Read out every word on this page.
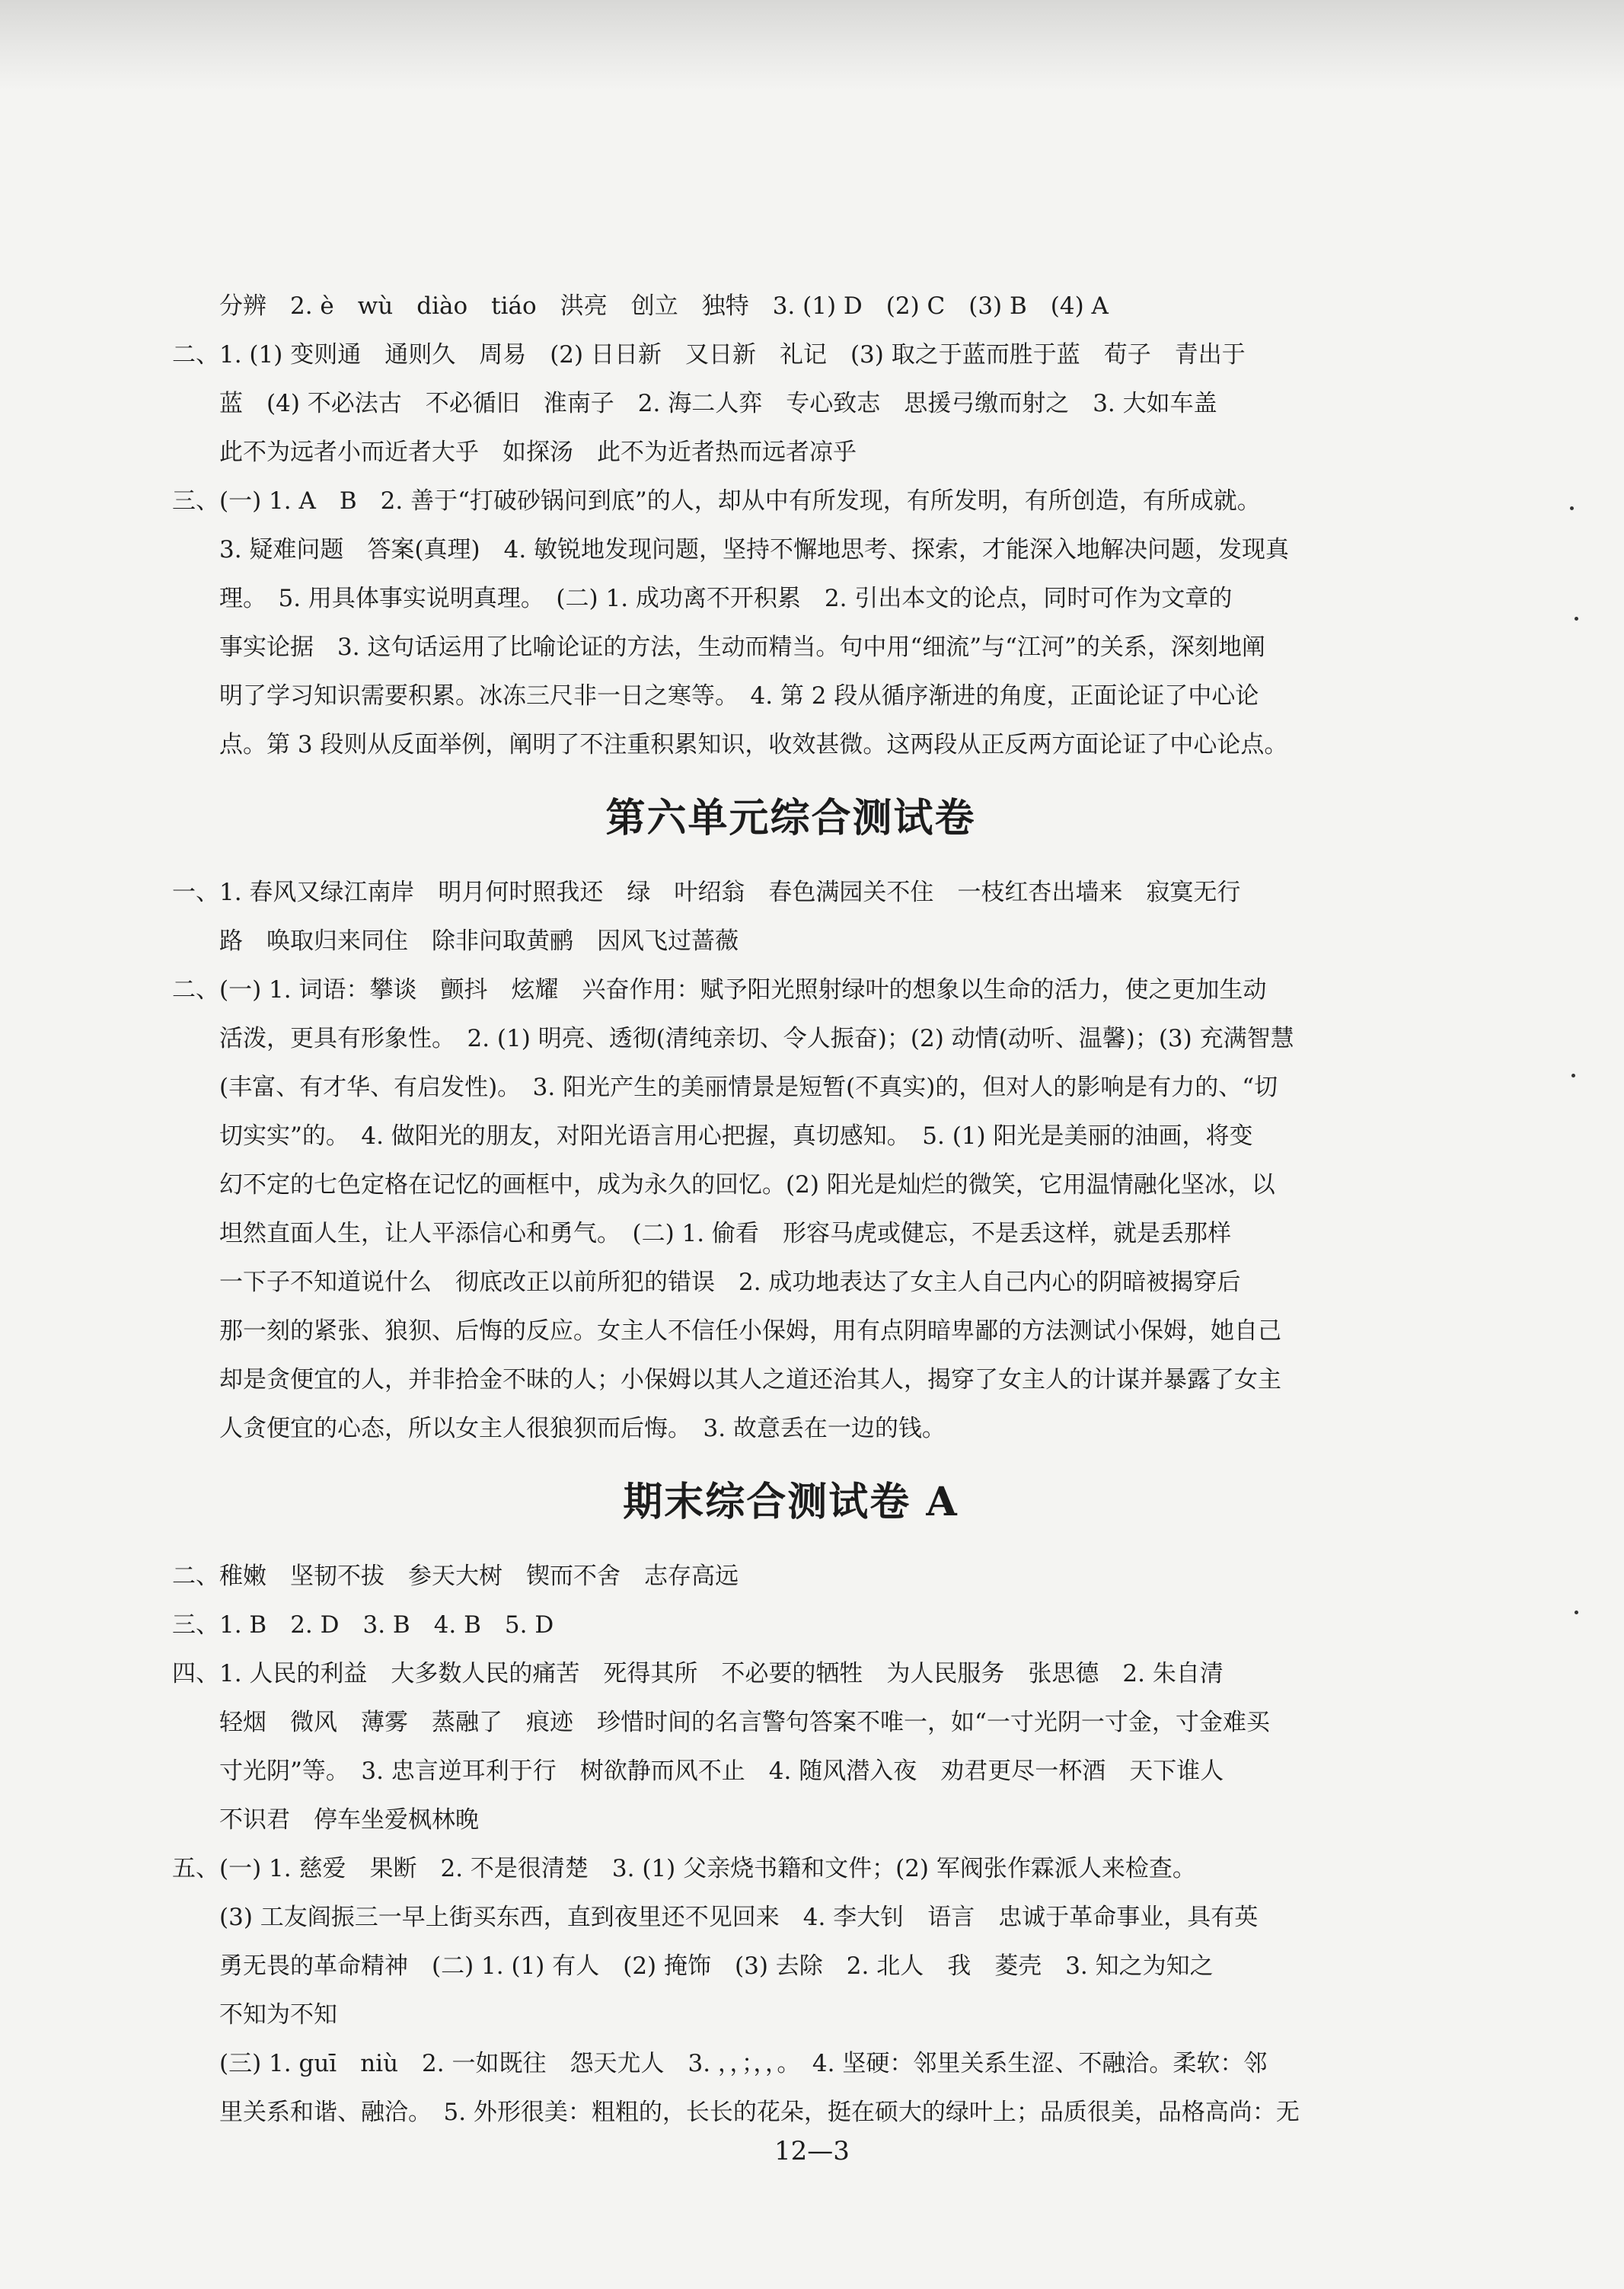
分辨　2. è　wù　diào　tiáo　洪亮　创立　独特　3. (1) D　(2) C　(3) B　(4) A
二、1. (1) 变则通　通则久　周易　(2) 日日新　又日新　礼记　(3) 取之于蓝而胜于蓝　荀子　青出于
蓝　(4) 不必法古　不必循旧　淮南子　2. 海二人弈　专心致志　思援弓缴而射之　3. 大如车盖
此不为远者小而近者大乎　如探汤　此不为近者热而远者凉乎
三、(一) 1. A　B　2. 善于“打破砂锅问到底”的人，却从中有所发现，有所发明，有所创造，有所成就。
3. 疑难问题　答案(真理)　4. 敏锐地发现问题，坚持不懈地思考、探索，才能深入地解决问题，发现真
理。　5. 用具体事实说明真理。　(二) 1. 成功离不开积累　2. 引出本文的论点，同时可作为文章的
事实论据　3. 这句话运用了比喻论证的方法，生动而精当。句中用“细流”与“江河”的关系，深刻地阐
明了学习知识需要积累。冰冻三尺非一日之寒等。　4. 第 2 段从循序渐进的角度，正面论证了中心论
点。第 3 段则从反面举例，阐明了不注重积累知识，收效甚微。这两段从正反两方面论证了中心论点。
第六单元综合测试卷
一、1. 春风又绿江南岸　明月何时照我还　绿　叶绍翁　春色满园关不住　一枝红杏出墙来　寂寞无行
路　唤取归来同住　除非问取黄鹂　因风飞过蔷薇
二、(一) 1. 词语：攀谈　颤抖　炫耀　兴奋作用：赋予阳光照射绿叶的想象以生命的活力，使之更加生动
活泼，更具有形象性。　2. (1) 明亮、透彻(清纯亲切、令人振奋)；(2) 动情(动听、温馨)；(3) 充满智慧
(丰富、有才华、有启发性)。　3. 阳光产生的美丽情景是短暂(不真实)的，但对人的影响是有力的、“切
切实实”的。　4. 做阳光的朋友，对阳光语言用心把握，真切感知。　5. (1) 阳光是美丽的油画，将变
幻不定的七色定格在记忆的画框中，成为永久的回忆。(2) 阳光是灿烂的微笑，它用温情融化坚冰，以
坦然直面人生，让人平添信心和勇气。　(二) 1. 偷看　形容马虎或健忘，不是丢这样，就是丢那样
一下子不知道说什么　彻底改正以前所犯的错误　2. 成功地表达了女主人自己内心的阴暗被揭穿后
那一刻的紧张、狼狈、后悔的反应。女主人不信任小保姆，用有点阴暗卑鄙的方法测试小保姆，她自己
却是贪便宜的人，并非拾金不昧的人；小保姆以其人之道还治其人，揭穿了女主人的计谋并暴露了女主
人贪便宜的心态，所以女主人很狼狈而后悔。　3. 故意丢在一边的钱。
期末综合测试卷 A
二、稚嫩　坚韧不拔　参天大树　锲而不舍　志存高远
三、1. B　2. D　3. B　4. B　5. D
四、1. 人民的利益　大多数人民的痛苦　死得其所　不必要的牺牲　为人民服务　张思德　2. 朱自清
轻烟　微风　薄雾　蒸融了　痕迹　珍惜时间的名言警句答案不唯一，如“一寸光阴一寸金，寸金难买
寸光阴”等。　3. 忠言逆耳利于行　树欲静而风不止　4. 随风潜入夜　劝君更尽一杯酒　天下谁人
不识君　停车坐爱枫林晚
五、(一) 1. 慈爱　果断　2. 不是很清楚　3. (1) 父亲烧书籍和文件；(2) 军阀张作霖派人来检查。
(3) 工友阎振三一早上街买东西，直到夜里还不见回来　4. 李大钊　语言　忠诚于革命事业，具有英
勇无畏的革命精神　(二) 1. (1) 有人　(2) 掩饰　(3) 去除　2. 北人　我　菱壳　3. 知之为知之
不知为不知
(三) 1. guī　niù　2. 一如既往　怨天尤人　3. ，，；，，。　4. 坚硬：邻里关系生涩、不融洽。柔软：邻
里关系和谐、融洽。　5. 外形很美：粗粗的，长长的花朵，挺在硕大的绿叶上；品质很美，品格高尚：无
12—3
